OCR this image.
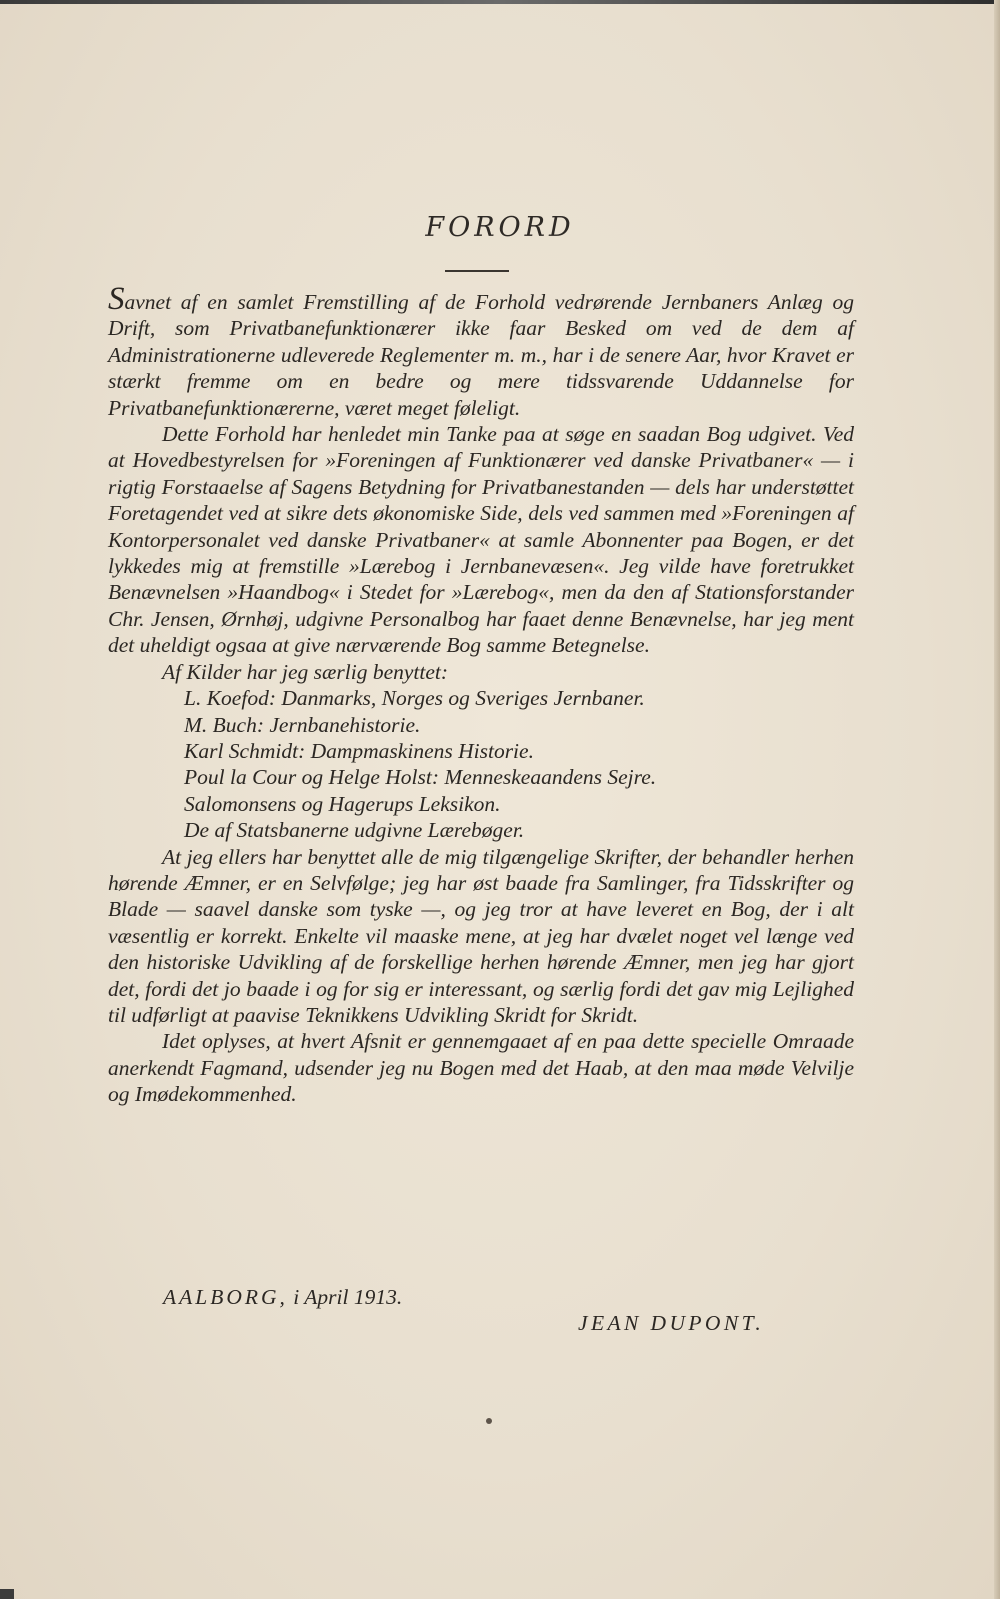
FORORD

Savnet af en samlet Fremstilling af de Forhold vedrørende Jernbaners Anlæg og Drift, som Privatbanefunktionærer ikke faar Besked om ved de dem af Administrationerne udleverede Reglementer m. m., har i de senere Aar, hvor Kravet er stærkt fremme om en bedre og mere tidssvarende Uddannelse for Privatbanefunktionærerne, været meget føleligt.

Dette Forhold har henledet min Tanke paa at søge en saadan Bog udgivet. Ved at Hovedbestyrelsen for »Foreningen af Funktionærer ved danske Privatbaner« — i rigtig Forstaaelse af Sagens Betydning for Privatbanestanden — dels har understøttet Foretagendet ved at sikre dets økonomiske Side, dels ved sammen med »Foreningen af Kontorpersonalet ved danske Privatbaner« at samle Abonnenter paa Bogen, er det lykkedes mig at fremstille »Lærebog i Jernbanevæsen«. Jeg vilde have foretrukket Benævnelsen »Haandbog« i Stedet for »Lærebog«, men da den af Stationsforstander Chr. Jensen, Ørnhøj, udgivne Personalbog har faaet denne Benævnelse, har jeg ment det uheldigt ogsaa at give nærværende Bog samme Betegnelse.

Af Kilder har jeg særlig benyttet:

L. Koefod: Danmarks, Norges og Sveriges Jernbaner.
M. Buch: Jernbanehistorie.
Karl Schmidt: Dampmaskinens Historie.
Poul la Cour og Helge Holst: Menneskeaandens Sejre.
Salomonsens og Hagerups Leksikon.
De af Statsbanerne udgivne Lærebøger.

At jeg ellers har benyttet alle de mig tilgængelige Skrifter, der behandler herhen hørende Æmner, er en Selvfølge; jeg har øst baade fra Samlinger, fra Tidsskrifter og Blade — saavel danske som tyske —, og jeg tror at have leveret en Bog, der i alt væsentlig er korrekt. Enkelte vil maaske mene, at jeg har dvælet noget vel længe ved den historiske Udvikling af de forskellige herhen hørende Æmner, men jeg har gjort det, fordi det jo baade i og for sig er interessant, og særlig fordi det gav mig Lejlighed til udførligt at paavise Teknikkens Udvikling Skridt for Skridt.

Idet oplyses, at hvert Afsnit er gennemgaaet af en paa dette specielle Omraade anerkendt Fagmand, udsender jeg nu Bogen med det Haab, at den maa møde Velvilje og Imødekommenhed.

AALBORG, i April 1913.
JEAN DUPONT.
